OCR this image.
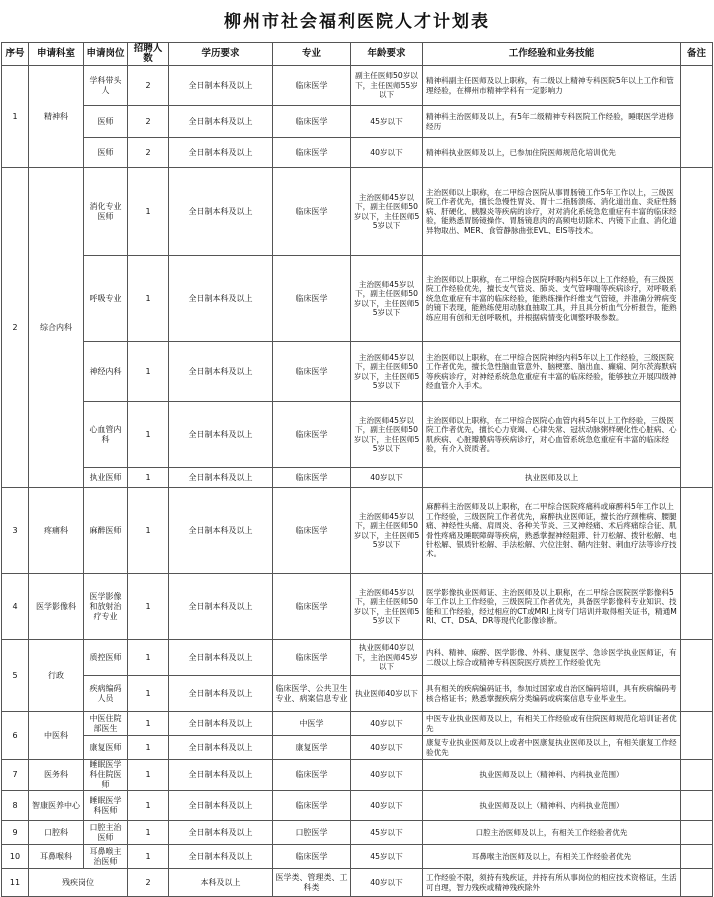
柳州市社会福利医院人才计划表
序号	申请科室	申请岗位	招聘人数	学历要求	专业	年龄要求	工作经验和业务技能	备注
1	精神科	学科带头人	2	全日制本科及以上	临床医学	副主任医师50岁以下，主任医师55岁以下	精神科副主任医师及以上职称，有二级以上精神专科医院5年以上工作和管理经验，在柳州市精神学科有一定影响力	
		医师	2	全日制本科及以上	临床医学	45岁以下	精神科主治医师及以上，有5年二级精神专科医院工作经验，睡眠医学进修经历	
		医师	2	全日制本科及以上	临床医学	40岁以下	精神科执业医师及以上，已参加住院医师规范化培训优先	
2	综合内科	消化专业医师	1	全日制本科及以上	临床医学	主治医师45岁以下，副主任医师50岁以下，主任医师55岁以下	主治医师以上职称，在二甲综合医院从事胃肠镜工作5年工作以上，三级医院工作者优先，擅长急慢性胃炎、胃十二指肠溃疡、消化道出血、炎症性肠病、肝硬化、胰腺炎等疾病的诊疗，对对消化系统急危重症有丰富的临床经验，能熟悉胃肠镜操作、胃肠镜息肉的高频电切除术、内镜下止血、消化道异物取出、MER、食管静脉曲张EVL、EIS等技术。	
		呼吸专业	1	全日制本科及以上	临床医学	主治医师45岁以下，副主任医师50岁以下，主任医师55岁以下	主治医师以上职称，在二甲综合医院呼吸内科5年以上工作经验，有三级医院工作经验优先，擅长支气管炎、肺炎、支气管哮喘等疾病诊疗，对呼吸系统急危重症有丰富的临床经验，能熟练操作纤维支气管镜，并准确分辨病变的镜下表现，能熟练使用动脉血抽取工具，并且具分析血气分析报告，能熟练应用有创和无创呼吸机，并根据病情变化调整呼吸参数。	
		神经内科	1	全日制本科及以上	临床医学	主治医师45岁以下，副主任医师50岁以下，主任医师55岁以下	主治医师以上职称，在二甲综合医院神经内科5年以上工作经验，三级医院工作者优先，擅长急性脑血管意外、脑梗塞、脑出血、癫痫、阿尔茨海默病等疾病诊疗，对神经系统急危重症有丰富的临床经验，能够独立开展四级神经血管介入手术。	
		心血管内科	1	全日制本科及以上	临床医学	主治医师45岁以下，副主任医师50岁以下，主任医师55岁以下	主治医师以上职称，在二甲综合医院心血管内科5年以上工作经验，三级医院工作者优先，擅长心力衰竭、心律失常、冠状动脉粥样硬化性心脏病、心肌疾病、心脏瓣膜病等疾病诊疗，对心血管系统急危重症有丰富的临床经验，有介入资质者。	
		执业医师	1	全日制本科及以上	临床医学	40岁以下	执业医师及以上	
3	疼痛科	麻醉医师	1	全日制本科及以上	临床医学	主治医师45岁以下，副主任医师50岁以下，主任医师55岁以下	麻醉科主治医师及以上职称，在二甲综合医院疼痛科或麻醉科5年工作以上工作经验，三级医院工作者优先，麻醉执业医师证，擅长治疗颈椎病、腰腿痛、神经性头痛、肩周炎、各种关节炎、三叉神经痛、术后疼痛综合征、肌骨性疼痛及睡眠障碍等疾病，熟悉掌握神经阻滞、针刀松解、拨针松解、电针松解、银质针松解、手法松解、穴位注射、鞘内注射、刺血疗法等诊疗技术。	
4	医学影像科	医学影像和放射治疗专业	1	全日制本科及以上	临床医学	主治医师45岁以下，副主任医师50岁以下，主任医师55岁以下	医学影像执业医师证、主治医师及以上职称，在二甲综合医院医学影像科5年工作以上工作经验，三级医院工作者优先，具备医学影像科专业知识、技能和工作经验，经过相应的CT或MRI上岗专门培训并取得相关证书，精通MRI、CT、DSA、DR等现代化影像诊断。	
5	行政	质控医师	1	全日制本科及以上	临床医学	执业医师40岁以下，主治医师45岁以下	内科、精神、麻醉、医学影像、外科、康复医学、急诊医学执业医师证，有二级以上综合或精神专科医院医疗质控工作经验优先	
		疾病编码人员	1	全日制本科及以上	临床医学、公共卫生专业、病案信息专业	执业医师40岁以下	具有相关的疾病编码证书，参加过国家或自治区编码培训，具有疾病编码考核合格证书；熟悉掌握疾病分类编码或病案信息专业毕业生。	
6	中医科	中医住院部医生	1	全日制本科及以上	中医学	40岁以下	中医专业执业医师及以上，有相关工作经验或有住院医师规范化培训证者优先	
		康复医师	1	全日制本科及以上	康复医学	40岁以下	康复专业执业医师及以上或者中医康复执业医师及以上，有相关康复工作经验优先	
7	医务科	睡眠医学科住院医师	1	全日制本科及以上	临床医学	40岁以下	执业医师及以上（精神科、内科执业范围）	
8	智康医养中心	睡眠医学科医师	1	全日制本科及以上	临床医学	40岁以下	执业医师及以上（精神科、内科执业范围）	
9	口腔科	口腔主治医师	1	全日制本科及以上	口腔医学	45岁以下	口腔主治医师及以上，有相关工作经验者优先	
10	耳鼻喉科	耳鼻喉主治医师	1	全日制本科及以上	临床医学	45岁以下	耳鼻喉主治医师及以上，有相关工作经验者优先	
11	残疾岗位		2	本科及以上	医学类、管理类、工科类	40岁以下	工作经验不限，须持有残疾证，并持有所从事岗位的相应技术资格证，生活可自理，智力残疾或精神残疾除外	
